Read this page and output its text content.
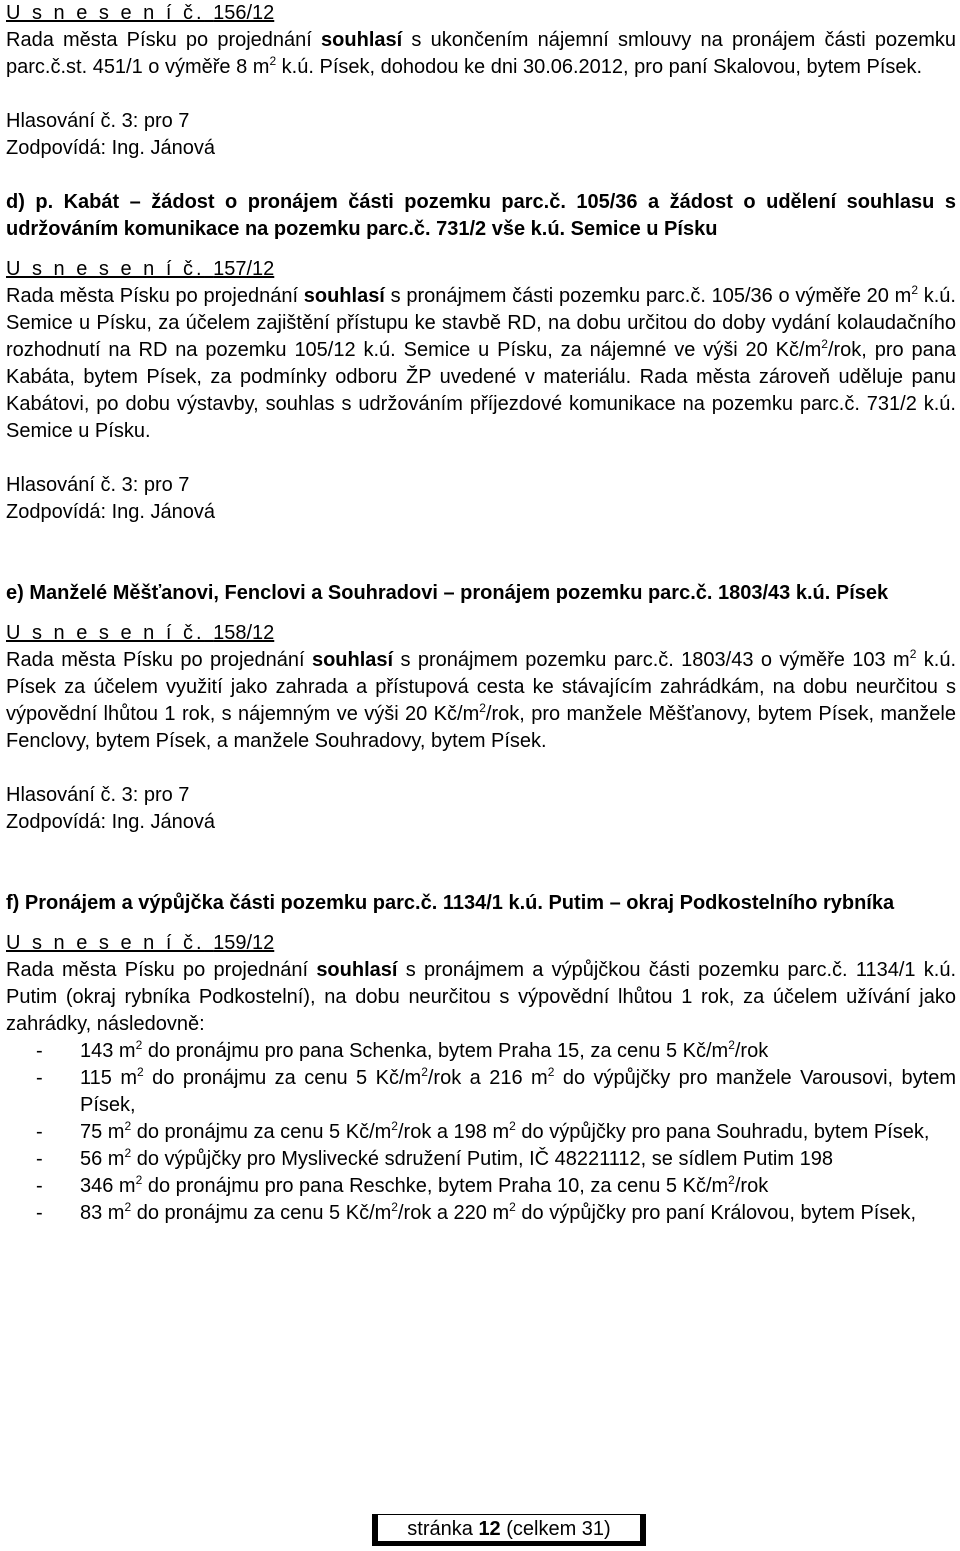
U s n e s e n í č. 156/12
Rada města Písku po projednání souhlasí s ukončením nájemní smlouvy na pronájem části pozemku parc.č.st. 451/1 o výměře 8 $m^2$ k.ú. Písek, dohodou ke dni 30.06.2012, pro paní Skalovou, bytem Písek.
Hlasování č. 3: pro 7
Zodpovídá: Ing. Jánová
d) p. Kabát – žádost o pronájem části pozemku parc.č. 105/36 a žádost o udělení souhlasu s udržováním komunikace na pozemku parc.č. 731/2 vše k.ú. Semice u Písku
U s n e s e n í č. 157/12
Rada města Písku po projednání souhlasí s pronájmem části pozemku parc.č. 105/36 o výměře 20 $m^2$ k.ú. Semice u Písku, za účelem zajištění přístupu ke stavbě RD, na dobu určitou do doby vydání kolaudačního rozhodnutí na RD na pozemku 105/12 k.ú. Semice u Písku, za nájemné ve výši 20 $Kč/m^2$/rok, pro pana Kabáta, bytem Písek, za podmínky odboru ŽP uvedené v materiálu. Rada města zároveň uděluje panu Kabátovi, po dobu výstavby, souhlas s udržováním příjezdové komunikace na pozemku parc.č. 731/2 k.ú. Semice u Písku.
Hlasování č. 3: pro 7
Zodpovídá: Ing. Jánová
e) Manželé Měšťanovi, Fenclovi a Souhradovi – pronájem pozemku parc.č. 1803/43 k.ú. Písek
U s n e s e n í č. 158/12
Rada města Písku po projednání souhlasí s pronájmem pozemku parc.č. 1803/43 o výměře 103 $m^2$ k.ú. Písek za účelem využití jako zahrada a přístupová cesta ke stávajícím zahrádkám, na dobu neurčitou s výpovědní lhůtou 1 rok, s nájemným ve výši 20 $Kč/m^2$/rok, pro manžele Měšťanovy, bytem Písek, manžele Fenclovy, bytem Písek, a manžele Souhradovy, bytem Písek.
Hlasování č. 3: pro 7
Zodpovídá: Ing. Jánová
f) Pronájem a výpůjčka části pozemku parc.č. 1134/1 k.ú. Putim – okraj Podkostelního rybníka
U s n e s e n í č. 159/12
Rada města Písku po projednání souhlasí s pronájmem a výpůjčkou části pozemku parc.č. 1134/1 k.ú. Putim (okraj rybníka Podkostelní), na dobu neurčitou s výpovědní lhůtou 1 rok, za účelem užívání jako zahrádky, následovně:
- 143 $m^2$ do pronájmu pro pana Schenka, bytem Praha 15, za cenu 5 $Kč/m^2$/rok
- 115 $m^2$ do pronájmu za cenu 5 $Kč/m^2$/rok a 216 $m^2$ do výpůjčky pro manžele Varousovi, bytem Písek,
- 75 $m^2$ do pronájmu za cenu 5 $Kč/m^2$/rok a 198 $m^2$ do výpůjčky pro pana Souhradu, bytem Písek,
- 56 $m^2$ do výpůjčky pro Myslivecké sdružení Putim, IČ 48221112, se sídlem Putim 198
- 346 $m^2$ do pronájmu pro pana Reschke, bytem Praha 10, za cenu 5 $Kč/m^2$/rok
- 83 $m^2$ do pronájmu za cenu 5 $Kč/m^2$/rok a 220 $m^2$ do výpůjčky pro paní Královou, bytem Písek,
stránka 12 (celkem 31)
